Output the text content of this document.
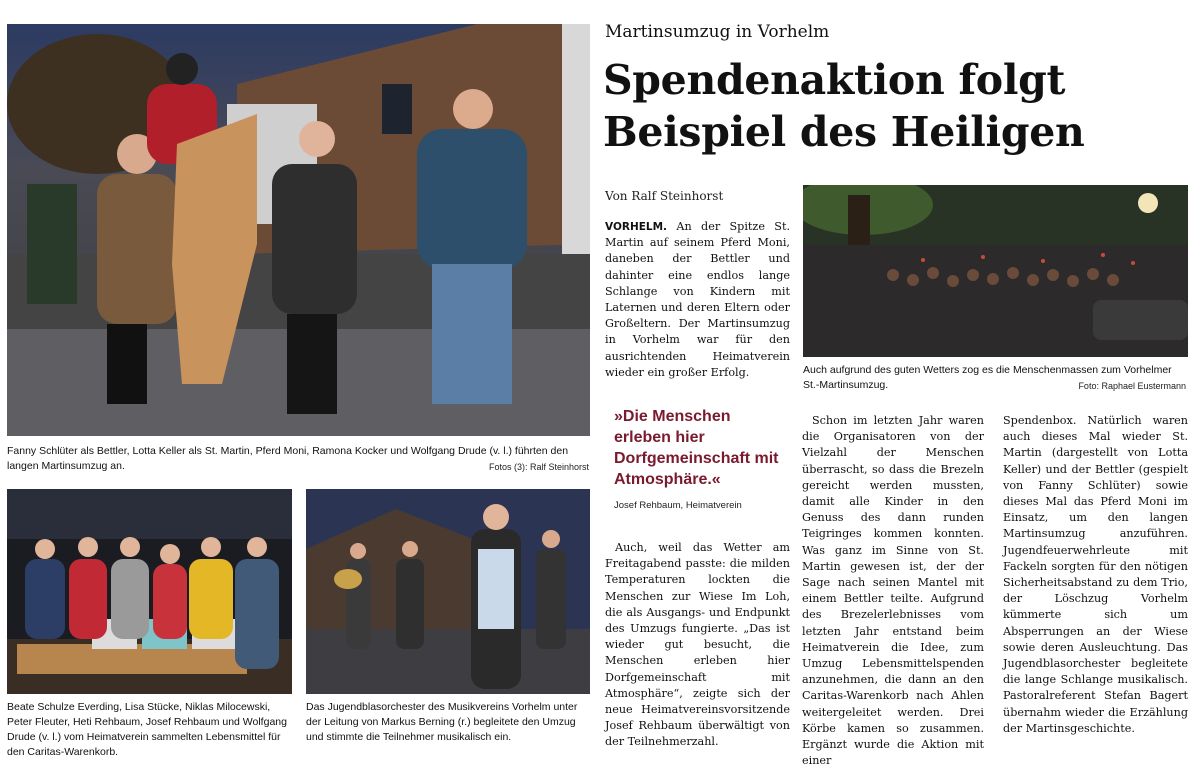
Martinsumzug in Vorhelm
Spendenaktion folgt Beispiel des Heiligen
Von Ralf Steinhorst
Fanny Schlüter als Bettler, Lotta Keller als St. Martin, Pferd Moni, Ramona Kocker und Wolfgang Drude (v. l.) führten den langen Martinsumzug an.	Fotos (3): Ralf Steinhorst
Auch aufgrund des guten Wetters zog es die Menschenmassen zum Vorhelmer St.-Martinsumzug.	Foto: Raphael Eustermann
Beate Schulze Everding, Lisa Stücke, Niklas Milocewski, Peter Fleuter, Heti Rehbaum, Josef Rehbaum und Wolfgang Drude (v. l.) vom Heimatverein sammelten Lebensmittel für den Caritas-Warenkorb.
Das Jugendblasorchester des Musikvereins Vorhelm unter der Leitung von Markus Berning (r.) begleitete den Umzug und stimmte die Teilnehmer musikalisch ein.

VORHELM. An der Spitze St. Martin auf seinem Pferd Moni, daneben der Bettler und dahinter eine endlos lange Schlange von Kindern mit Laternen und deren Eltern oder Großeltern. Der Martinsumzug in Vorhelm war für den ausrichtenden Heimatverein wieder ein großer Erfolg.

»Die Menschen erleben hier Dorfgemeinschaft mit Atmosphäre.«
Josef Rehbaum, Heimatverein

Auch, weil das Wetter am Freitagabend passte: die milden Temperaturen lockten die Menschen zur Wiese Im Loh, die als Ausgangs- und Endpunkt des Umzugs fungierte. „Das ist wieder gut besucht, die Menschen erleben hier Dorfgemeinschaft mit Atmosphäre“, zeigte sich der neue Heimatvereinsvorsitzende Josef Rehbaum überwältigt von der Teilnehmerzahl.

Schon im letzten Jahr waren die Organisatoren von der Vielzahl der Menschen überrascht, so dass die Brezeln gereicht werden mussten, damit alle Kinder in den Genuss des dann runden Teigringes kommen konnten. Was ganz im Sinne von St. Martin gewesen ist, der der Sage nach seinen Mantel mit einem Bettler teilte. Aufgrund des Brezelerlebnisses vom letzten Jahr entstand beim Heimatverein die Idee, zum Umzug Lebensmittelspenden anzunehmen, die dann an den Caritas-Warenkorb nach Ahlen weitergeleitet werden. Drei Körbe kamen so zusammen. Ergänzt wurde die Aktion mit einer

Spendenbox. Natürlich waren auch dieses Mal wieder St. Martin (dargestellt von Lotta Keller) und der Bettler (gespielt von Fanny Schlüter) sowie dieses Mal das Pferd Moni im Einsatz, um den langen Martinsumzug anzuführen. Jugendfeuerwehrleute mit Fackeln sorgten für den nötigen Sicherheitsabstand zu dem Trio, der Löschzug Vorhelm kümmerte sich um Absperrungen an der Wiese sowie deren Ausleuchtung. Das Jugendblasorchester begleitete die lange Schlange musikalisch. Pastoralreferent Stefan Bagert übernahm wieder die Erzählung der Martinsgeschichte.
